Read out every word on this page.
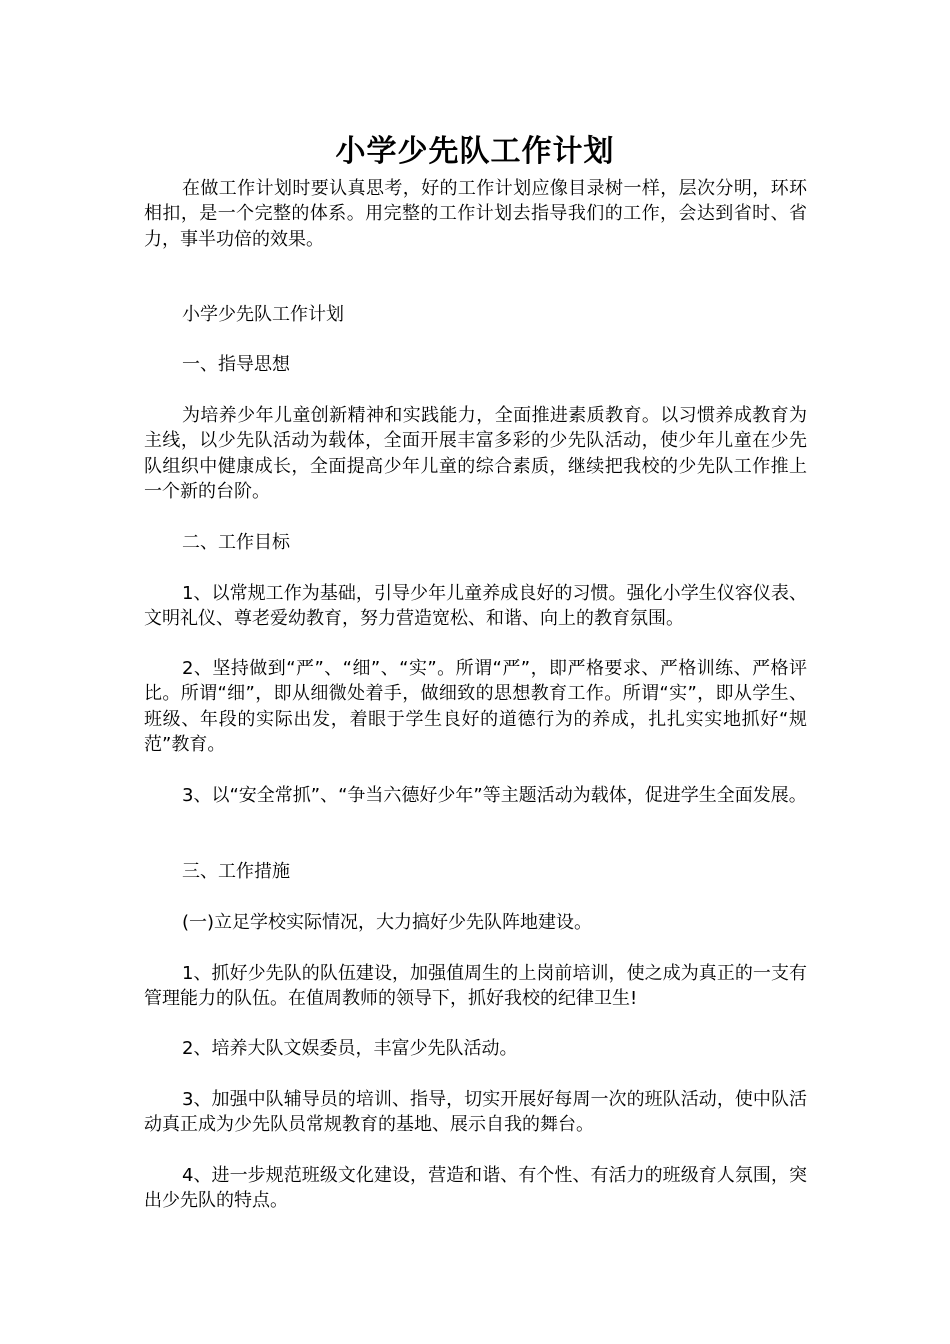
小学少先队工作计划

在做工作计划时要认真思考，好的工作计划应像目录树一样，层次分明，环环相扣，是一个完整的体系。用完整的工作计划去指导我们的工作，会达到省时、省力，事半功倍的效果。

小学少先队工作计划
一、指导思想

为培养少年儿童创新精神和实践能力，全面推进素质教育。以习惯养成教育为主线，以少先队活动为载体，全面开展丰富多彩的少先队活动，使少年儿童在少先队组织中健康成长，全面提高少年儿童的综合素质，继续把我校的少先队工作推上一个新的台阶。

二、工作目标

1、以常规工作为基础，引导少年儿童养成良好的习惯。强化小学生仪容仪表、文明礼仪、尊老爱幼教育，努力营造宽松、和谐、向上的教育氛围。

2、坚持做到“严”、“细”、“实”。所谓“严”，即严格要求、严格训练、严格评比。所谓“细”，即从细微处着手，做细致的思想教育工作。所谓“实”，即从学生、班级、年段的实际出发，着眼于学生良好的道德行为的养成，扎扎实实地抓好“规范”教育。

3、以“安全常抓”、“争当六德好少年”等主题活动为载体，促进学生全面发展。

三、工作措施
(一)立足学校实际情况，大力搞好少先队阵地建设。

1、抓好少先队的队伍建设，加强值周生的上岗前培训，使之成为真正的一支有管理能力的队伍。在值周教师的领导下，抓好我校的纪律卫生!

2、培养大队文娱委员，丰富少先队活动。

3、加强中队辅导员的培训、指导，切实开展好每周一次的班队活动，使中队活动真正成为少先队员常规教育的基地、展示自我的舞台。

4、进一步规范班级文化建设，营造和谐、有个性、有活力的班级育人氛围，突出少先队的特点。
